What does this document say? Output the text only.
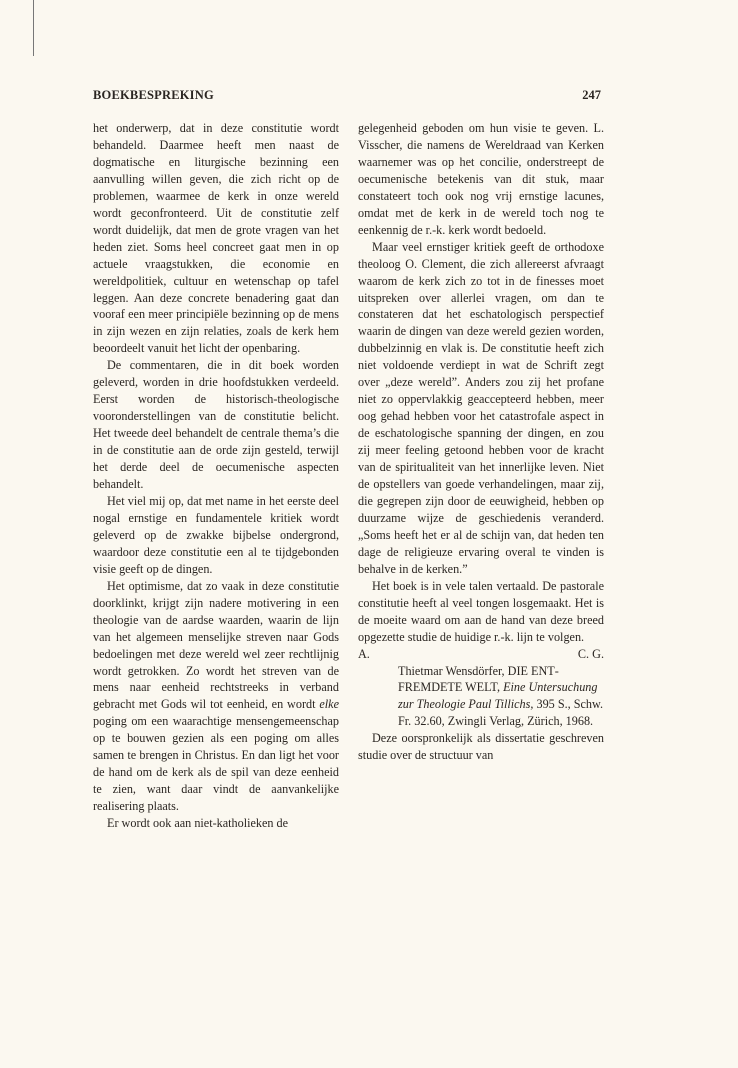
BOEKBESPREKING	247

het onderwerp, dat in deze constitutie wordt behandeld. Daarmee heeft men naast de dogmatische en liturgische bezinning een aanvulling willen geven, die zich richt op de problemen, waarmee de kerk in onze wereld wordt geconfronteerd. Uit de constitutie zelf wordt duidelijk, dat men de grote vragen van het heden ziet. Soms heel concreet gaat men in op actuele vraagstukken, die economie en wereldpolitiek, cultuur en wetenschap op tafel leggen. Aan deze concrete benadering gaat dan vooraf een meer principiële bezinning op de mens in zijn wezen en zijn relaties, zoals de kerk hem beoordeelt vanuit het licht der openbaring.

De commentaren, die in dit boek worden geleverd, worden in drie hoofdstukken verdeeld. Eerst worden de historisch-theologische vooronderstellingen van de constitutie belicht. Het tweede deel behandelt de centrale thema’s die in de constitutie aan de orde zijn gesteld, terwijl het derde deel de oecumenische aspecten behandelt.

Het viel mij op, dat met name in het eerste deel nogal ernstige en fundamentele kritiek wordt geleverd op de zwakke bijbelse ondergrond, waardoor deze constitutie een al te tijdgebonden visie geeft op de dingen.

Het optimisme, dat zo vaak in deze constitutie doorklinkt, krijgt zijn nadere motivering in een theologie van de aardse waarden, waarin de lijn van het algemeen menselijke streven naar Gods bedoelingen met deze wereld wel zeer rechtlijnig wordt getrokken. Zo wordt het streven van de mens naar eenheid rechtstreeks in verband gebracht met Gods wil tot eenheid, en wordt elke poging om een waarachtige mensengemeenschap op te bouwen gezien als een poging om alles samen te brengen in Christus. En dan ligt het voor de hand om de kerk als de spil van deze eenheid te zien, want daar vindt de aanvankelijke realisering plaats.

Er wordt ook aan niet-katholieken de

gelegenheid geboden om hun visie te geven. L. Visscher, die namens de Wereldraad van Kerken waarnemer was op het concilie, onderstreept de oecumenische betekenis van dit stuk, maar constateert toch ook nog vrij ernstige lacunes, omdat met de kerk in de wereld toch nog te eenkennig de r.-k. kerk wordt bedoeld.

Maar veel ernstiger kritiek geeft de orthodoxe theoloog O. Clement, die zich allereerst afvraagt waarom de kerk zich zo tot in de finesses moet uitspreken over allerlei vragen, om dan te constateren dat het eschatologisch perspectief waarin de dingen van deze wereld gezien worden, dubbelzinnig en vlak is. De constitutie heeft zich niet voldoende verdiept in wat de Schrift zegt over „deze wereld”. Anders zou zij het profane niet zo oppervlakkig geaccepteerd hebben, meer oog gehad hebben voor het catastrofale aspect in de eschatologische spanning der dingen, en zou zij meer feeling getoond hebben voor de kracht van de spiritualiteit van het innerlijke leven. Niet de opstellers van goede verhandelingen, maar zij, die gegrepen zijn door de eeuwigheid, hebben op duurzame wijze de geschiedenis veranderd. „Soms heeft het er al de schijn van, dat heden ten dage de religieuze ervaring overal te vinden is behalve in de kerken.”

Het boek is in vele talen vertaald. De pastorale constitutie heeft al veel tongen losgemaakt. Het is de moeite waard om aan de hand van deze breed opgezette studie de huidige r.-k. lijn te volgen.

A.	C. G.

Thietmar Wensdörfer, DIE ENTFREMDETE WELT, Eine Untersuchung zur Theologie Paul Tillichs, 395 S., Schw. Fr. 32.60, Zwingli Verlag, Zürich, 1968.

Deze oorspronkelijk als dissertatie geschreven studie over de structuur van
